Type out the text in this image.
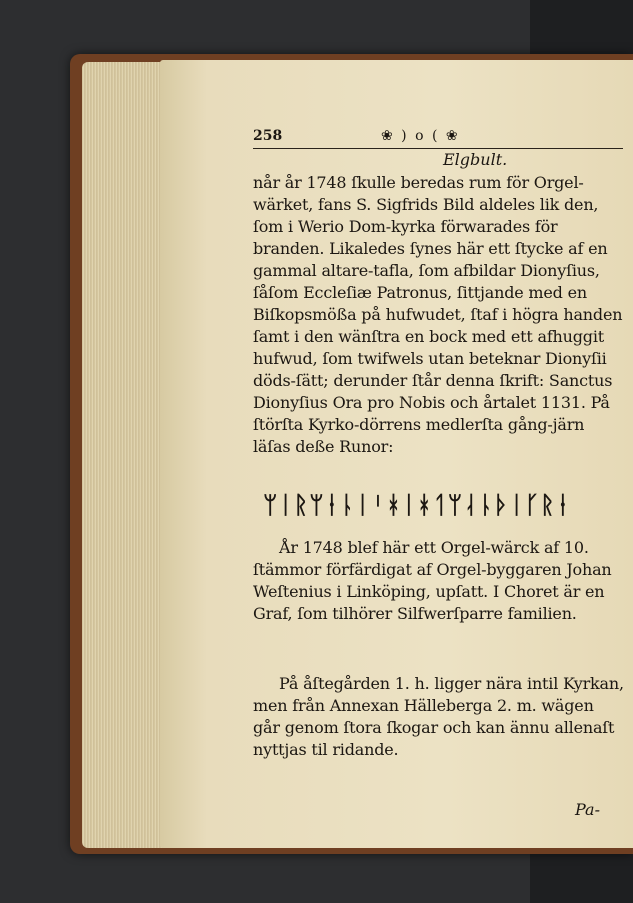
258	❀ ) o ( ❀
Elgbult.
når år 1748 ſkulle beredas rum för Orgel-wärket, fans S. Sigfrids Bild aldeles lik den, ſom i Werio Dom-kyrka förwarades för branden. Likaledes ſynes här ett ſtycke af en gammal altare-tafla, ſom afbildar Dionyſius, ſåſom Eccleſiæ Patronus, ſittjande med en Biſkopsmößa på hufwudet, ſtaf i högra handen ſamt i den wänſtra en bock med ett afhuggit hufwud, ſom twifwels utan beteknar Dionyſii döds-ſätt; derunder ſtår denna ſkrift: Sanctus Dionyſius Ora pro Nobis och årtalet 1131. På ſtörſta Kyrko-dörrens medlerſta gång-järn läſas deße Runor:
ᛘᛁᚱᛘᛂᚿᛁᛌᚼᛁᚼᛐᛘᛆᚿᚦᛁᚴᚱᛂ
År 1748 blef här ett Orgel-wärck af 10. ſtämmor förfärdigat af Orgel-byggaren Johan Weſtenius i Linköping, upſatt. I Choret är en Graf, ſom tilhörer Silfwerſparre familien.
På åſtegården 1. h. ligger nära intil Kyrkan, men från Annexan Hälleberga 2. m. wägen går genom ſtora ſkogar och kan ännu allenaſt nyttjas til ridande.
Pa-
